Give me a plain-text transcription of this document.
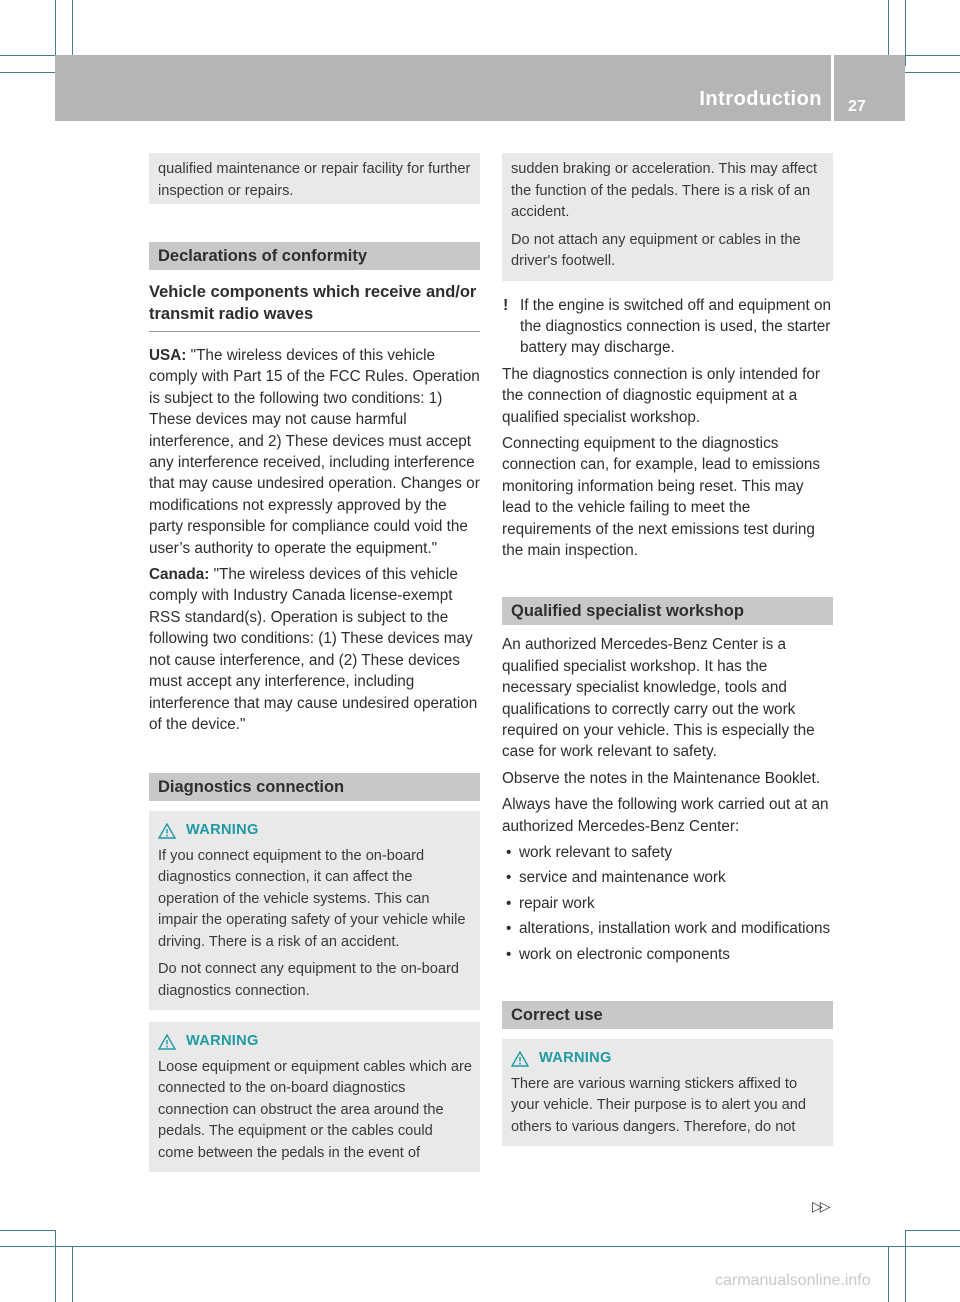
Introduction 27

qualified maintenance or repair facility for further inspection or repairs.

Declarations of conformity
Vehicle components which receive and/or transmit radio waves

USA: "The wireless devices of this vehicle comply with Part 15 of the FCC Rules. Operation is subject to the following two conditions: 1) These devices may not cause harmful interference, and 2) These devices must accept any interference received, including interference that may cause undesired operation. Changes or modifications not expressly approved by the party responsible for compliance could void the user’s authority to operate the equipment."

Canada: "The wireless devices of this vehicle comply with Industry Canada license-exempt RSS standard(s). Operation is subject to the following two conditions: (1) These devices may not cause interference, and (2) These devices must accept any interference, including interference that may cause undesired operation of the device."

Diagnostics connection
WARNING

If you connect equipment to the on-board diagnostics connection, it can affect the operation of the vehicle systems. This can impair the operating safety of your vehicle while driving. There is a risk of an accident.

Do not connect any equipment to the on-board diagnostics connection.

WARNING

Loose equipment or equipment cables which are connected to the on-board diagnostics connection can obstruct the area around the pedals. The equipment or the cables could come between the pedals in the event of

sudden braking or acceleration. This may affect the function of the pedals. There is a risk of an accident.

Do not attach any equipment or cables in the driver's footwell.

! If the engine is switched off and equipment on the diagnostics connection is used, the starter battery may discharge.

The diagnostics connection is only intended for the connection of diagnostic equipment at a qualified specialist workshop.

Connecting equipment to the diagnostics connection can, for example, lead to emissions monitoring information being reset. This may lead to the vehicle failing to meet the requirements of the next emissions test during the main inspection.

Qualified specialist workshop

An authorized Mercedes-Benz Center is a qualified specialist workshop. It has the necessary specialist knowledge, tools and qualifications to correctly carry out the work required on your vehicle. This is especially the case for work relevant to safety.

Observe the notes in the Maintenance Booklet.

Always have the following work carried out at an authorized Mercedes-Benz Center:

• work relevant to safety
• service and maintenance work
• repair work
• alterations, installation work and modifications
• work on electronic components
Correct use
WARNING

There are various warning stickers affixed to your vehicle. Their purpose is to alert you and others to various dangers. Therefore, do not

▷▷
carmanualsonline.info
